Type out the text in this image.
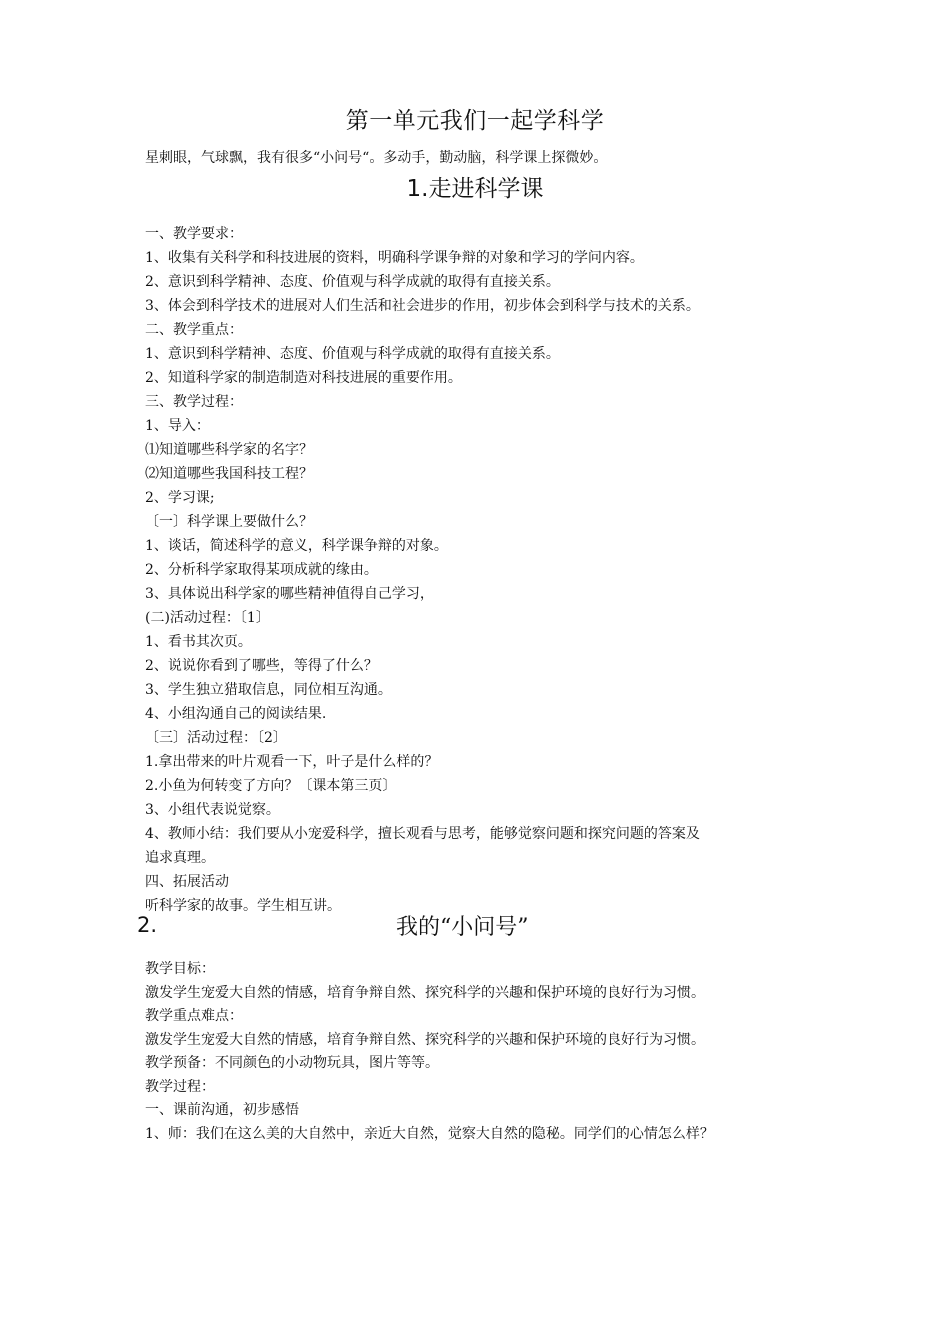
第一单元我们一起学科学
星刺眼，气球飘，我有很多“小问号“。多动手，勤动脑，科学课上探微妙。
1.走进科学课
一、教学要求：
1、收集有关科学和科技进展的资料，明确科学课争辩的对象和学习的学问内容。
2、意识到科学精神、态度、价值观与科学成就的取得有直接关系。
3、体会到科学技术的进展对人们生活和社会进步的作用，初步体会到科学与技术的关系。
二、教学重点：
1、意识到科学精神、态度、价值观与科学成就的取得有直接关系。
2、知道科学家的制造制造对科技进展的重要作用。
三、教学过程：
1、导入：
⑴知道哪些科学家的名字？
⑵知道哪些我国科技工程？
2、学习课;
〔一〕科学课上要做什么？
1、谈话，简述科学的意义，科学课争辩的对象。
2、分析科学家取得某项成就的缘由。
3、具体说出科学家的哪些精神值得自己学习，
(二)活动过程：〔1〕
1、看书其次页。
2、说说你看到了哪些，等得了什么？
3、学生独立猎取信息，同位相互沟通。
4、小组沟通自己的阅读结果.
〔三〕活动过程：〔2〕
1.拿出带来的叶片观看一下，叶子是什么样的？
2.小鱼为何转变了方向？〔课本第三页〕
3、小组代表说觉察。
4、教师小结：我们要从小宠爱科学，擅长观看与思考，能够觉察问题和探究问题的答案及
追求真理。
四、拓展活动
听科学家的故事。学生相互讲。
2.	我的“小问号”
教学目标：
激发学生宠爱大自然的情感，培育争辩自然、探究科学的兴趣和保护环境的良好行为习惯。
教学重点难点：
激发学生宠爱大自然的情感，培育争辩自然、探究科学的兴趣和保护环境的良好行为习惯。
教学预备：不同颜色的小动物玩具，图片等等。
教学过程：
一、课前沟通，初步感悟
1、师：我们在这么美的大自然中，亲近大自然，觉察大自然的隐秘。同学们的心情怎么样？
